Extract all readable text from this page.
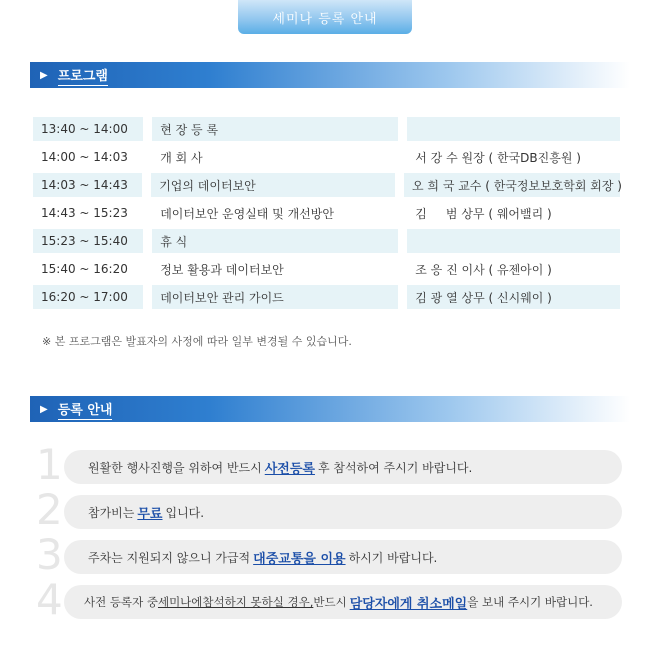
세미나 등록 안내
▶ 프로그램
13:40 ~ 14:00	현 장 등 록
14:00 ~ 14:03	개 회 사	서 강 수 원장 ( 한국DB진흥원 )
14:03 ~ 14:43	기업의 데이터보안	오 희 국 교수 ( 한국정보보호학회 회장 )
14:43 ~ 15:23	데이터보안 운영실태 및 개선방안	김     범 상무 ( 웨어밸리 )
15:23 ~ 15:40	휴 식
15:40 ~ 16:20	정보 활용과 데이터보안	조 응 진 이사 ( 유젠아이 )
16:20 ~ 17:00	데이터보안 관리 가이드	김 광 열 상무 ( 신시웨이 )
※ 본 프로그램은 발표자의 사정에 따라 일부 변경될 수 있습니다.
▶ 등록 안내
1 원활한 행사진행을 위하여 반드시 사전등록 후 참석하여 주시기 바랍니다.
2 참가비는 무료 입니다.
3 주차는 지원되지 않으니 가급적 대중교통을 이용 하시기 바랍니다.
4 사전 등록자 중 세미나에참석하지 못하실 경우, 반드시 담당자에게 취소메일 을 보내 주시기 바랍니다.
